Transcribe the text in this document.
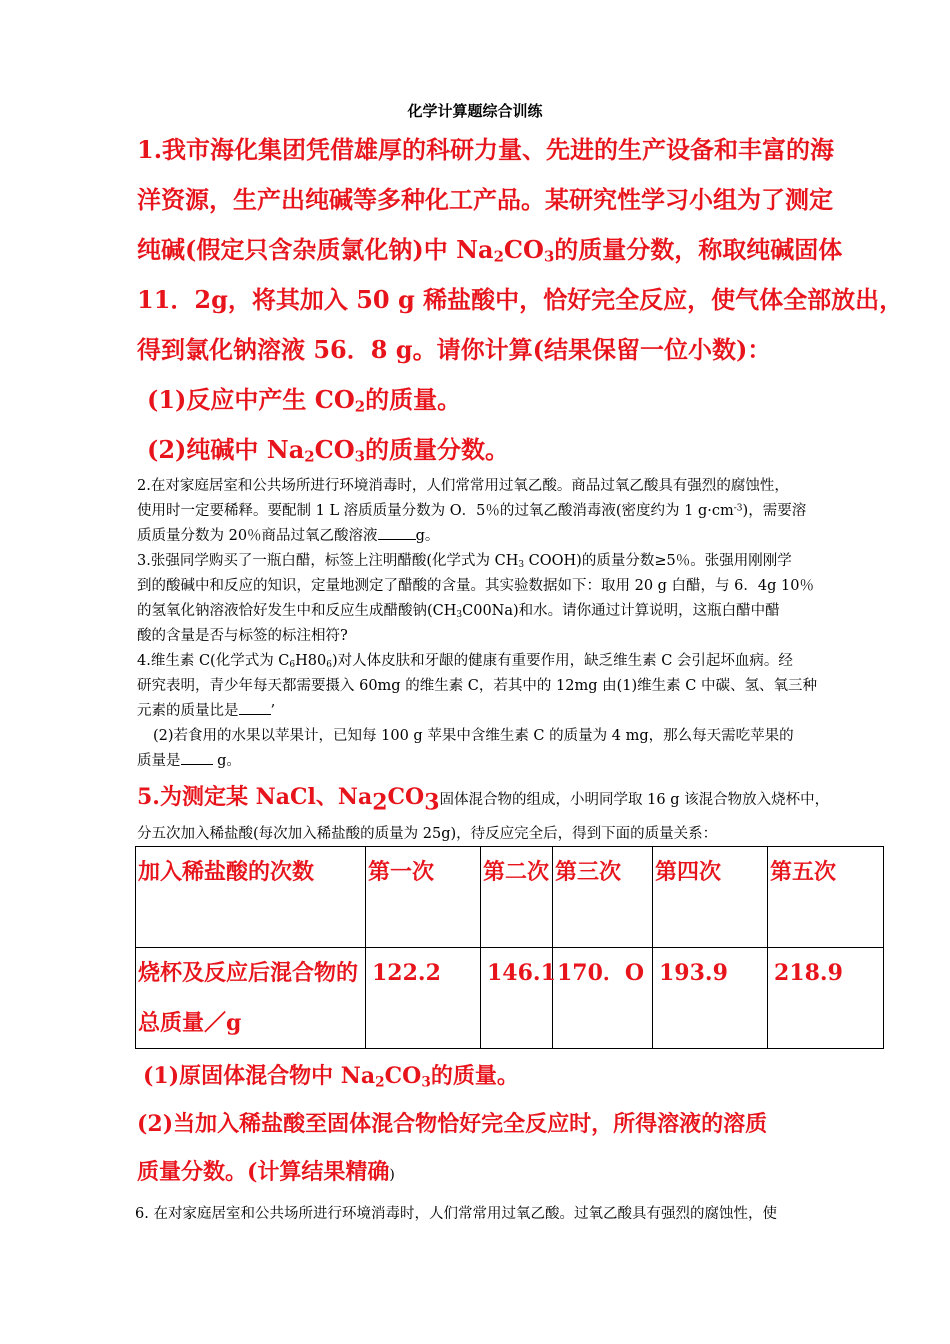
化学计算题综合训练
1.我市海化集团凭借雄厚的科研力量、先进的生产设备和丰富的海
洋资源，生产出纯碱等多种化工产品。某研究性学习小组为了测定
纯碱(假定只含杂质氯化钠)中 $Na_2CO_3$的质量分数，称取纯碱固体
11．2g，将其加入 50 g 稀盐酸中，恰好完全反应，使气体全部放出，
得到氯化钠溶液 56．8 g。请你计算(结果保留一位小数)：
(1)反应中产生 $CO_2$的质量。
(2)纯碱中 $Na_2CO_3$的质量分数。
2.在对家庭居室和公共场所进行环境消毒时，人们常常用过氧乙酸。商品过氧乙酸具有强烈的腐蚀性，
使用时一定要稀释。要配制 1 L 溶质质量分数为 O．5％的过氧乙酸消毒液(密度约为 1 $g\cdot cm^{-3}$)，需要溶
质质量分数为 20％商品过氧乙酸溶液	g。
3.张强同学购买了一瓶白醋，标签上注明醋酸(化学式为 $CH_3$ COOH)的质量分数≥5％。张强用刚刚学
到的酸碱中和反应的知识，定量地测定了醋酸的含量。其实验数据如下：取用 20 g 白醋，与 6．4g 10％
的氢氧化钠溶液恰好发生中和反应生成醋酸钠$(CH_3C00Na)$和水。请你通过计算说明，这瓶白醋中醋
酸的含量是否与标签的标注相符?
4.维生素 C(化学式为 $C_6H80_6$)对人体皮肤和牙龈的健康有重要作用，缺乏维生素 C 会引起坏血病。经
研究表明，青少年每天都需要摄入 60mg 的维生素 C，若其中的 12mg 由(1)维生素 C 中碳、氢、氧三种
元素的质量比是 ’
(2)若食用的水果以苹果计，已知每 100 g 苹果中含维生素 C 的质量为 4 mg，那么每天需吃苹果的
质量是 g。
5.为测定某 NaCl、$Na_2CO_3$固体混合物的组成，小明同学取 16 g 该混合物放入烧杯中，
分五次加入稀盐酸(每次加入稀盐酸的质量为 25g)，待反应完全后，得到下面的质量关系：
加入稀盐酸的次数	第一次	第二次	第三次	第四次	第五次
烧杯及反应后混合物的总质量／g	122.2	146.1	170．O	193.9	218.9
(1)原固体混合物中 $Na_2CO_3$的质量。
(2)当加入稀盐酸至固体混合物恰好完全反应时，所得溶液的溶质
质量分数。(计算结果精确)
6. 在对家庭居室和公共场所进行环境消毒时，人们常常用过氧乙酸。过氧乙酸具有强烈的腐蚀性，使
